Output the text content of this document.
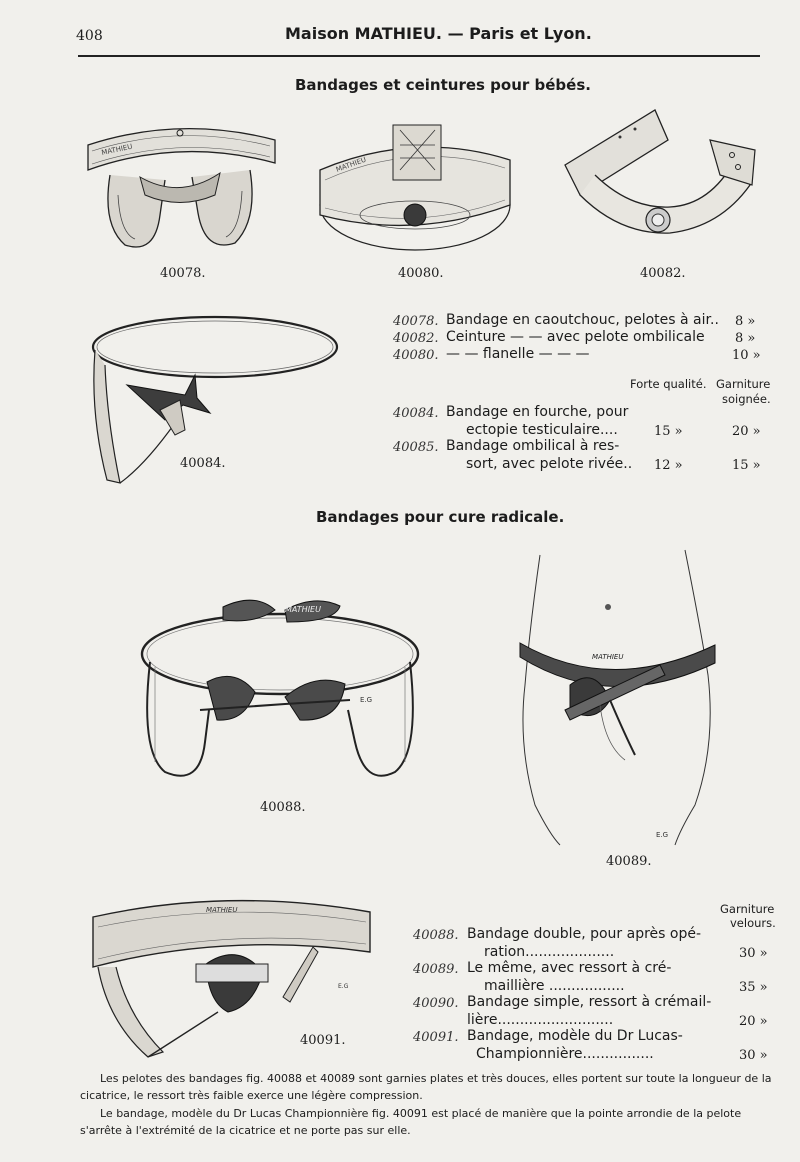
408	Maison MATHIEU. — Paris et Lyon.
Bandages et ceintures pour bébés.
MATHIEU
40078.
MATHIEU
40080.	40082.
40084.
40078. Bandage en caoutchouc, pelotes à air.. 8 »
40082. Ceinture — — avec pelote ombilicale 8 »
40080. — — flanelle — — —	10 »
Forte qualité. Garniture
soignée.
40084. Bandage en fourche, pour
ectopie testiculaire....	15 »	20 »
40085. Bandage ombilical à res-
sort, avec pelote rivée.. 12 »	15 »
Bandages pour cure radicale.
MATHIEU
E.G
40088.
MATHIEU
E.G
40089.
MATHIEU
E.G
40091.
Garniture
velours.
40088. Bandage double, pour après opé-
ration....................	30 »
40089. Le même, avec ressort à cré-
maillière .................	35 »
40090. Bandage simple, ressort à crémail-
lière..........................	20 »
40091. Bandage, modèle du Dr Lucas-
Championnière................	30 »
Les pelotes des bandages fig. 40088 et 40089 sont garnies plates et très douces, elles portent sur toute la longueur de la
cicatrice, le ressort très faible exerce une légère compression.
Le bandage, modèle du Dr Lucas Championnière fig. 40091 est placé de manière que la pointe arrondie de la pelote
s'arrête à l'extrémité de la cicatrice et ne porte pas sur elle.
